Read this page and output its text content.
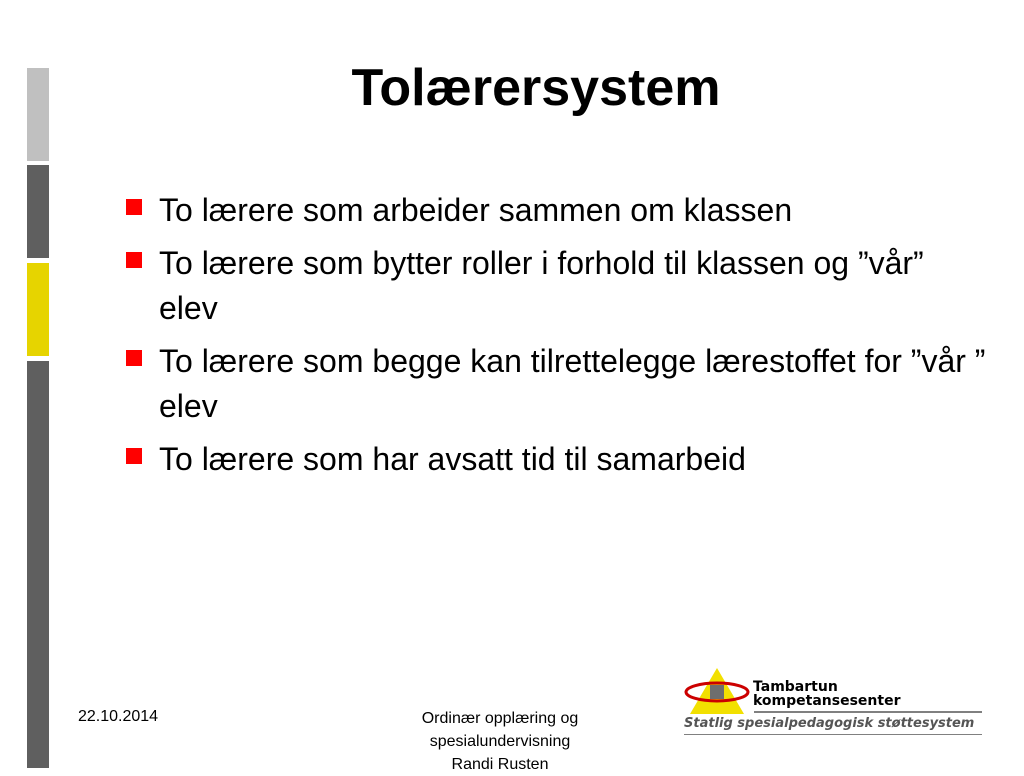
Tolærersystem
To lærere som arbeider sammen om klassen
To lærere som bytter roller i forhold til klassen og ”vår” elev
To lærere som begge kan tilrettelegge lærestoffet for ”vår ” elev
To lærere som har avsatt tid til samarbeid
22.10.2014	Ordinær opplæring og
spesialundervisning
Randi Rusten
Tambartun
kompetansesenter
Statlig spesialpedagogisk støttesystem
